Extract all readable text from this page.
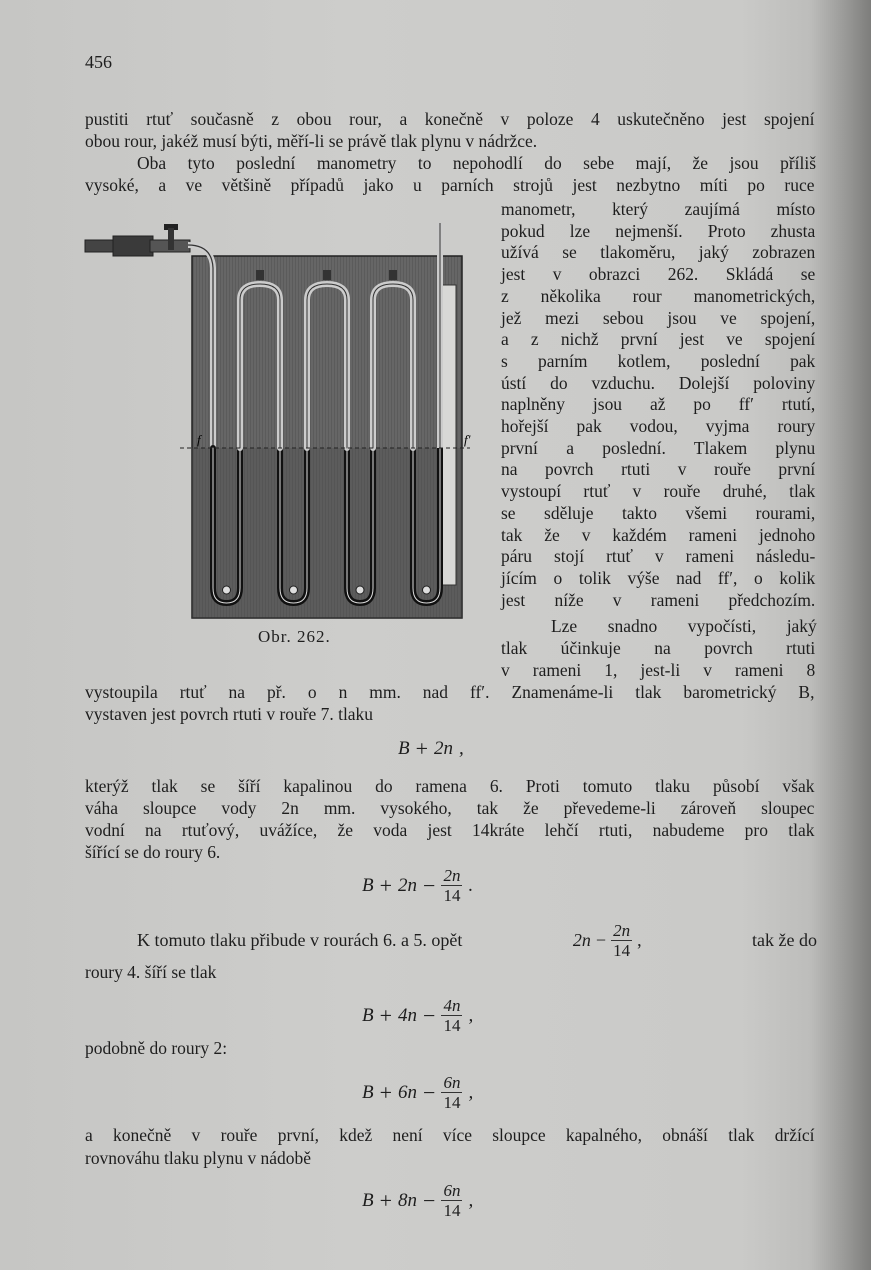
456
pustiti rtuť současně z obou rour, a konečně v poloze 4 uskutečněno jest spojení
obou rour, jakéž musí býti, měří-li se právě tlak plynu v nádržce.
Oba tyto poslední manometry to nepohodlí do sebe mají, že jsou příliš
vysoké, a ve většině případů jako u parních strojů jest nezbytno míti po ruce
manometr, který zaujímá místo
pokud lze nejmenší. Proto zhusta
užívá se tlakoměru, jaký zobrazen
jest v obrazci 262. Skládá se
z několika rour manometrických,
jež mezi sebou jsou ve spojení,
a z nichž první jest ve spojení
s parním kotlem, poslední pak
ústí do vzduchu. Dolejší poloviny
naplněny jsou až po ff′ rtutí,
hořejší pak vodou, vyjma roury
první a poslední. Tlakem plynu
na povrch rtuti v rouře první
vystoupí rtuť v rouře druhé, tlak
se sděluje takto všemi rourami,
tak že v každém rameni jednoho
páru stojí rtuť v rameni následu-
jícím o tolik výše nad ff′, o kolik
jest níže v rameni předchozím.
Lze snadno vypočísti, jaký
tlak účinkuje na povrch rtuti
v rameni 1, jest-li v rameni 8
vystoupila rtuť na př. o n mm. nad ff′. Znamenáme-li tlak barometrický B,
vystaven jest povrch rtuti v rouře 7. tlaku
f	f′
Obr. 262.
B + 2n ,
kterýž tlak se šíří kapalinou do ramena 6. Proti tomuto tlaku působí však
váha sloupce vody 2n mm. vysokého, tak že převedeme-li zároveň sloupec
vodní na rtuťový, uvážíce, že voda jest 14kráte lehčí rtuti, nabudeme pro tlak
šířící se do roury 6.
$B + 2n - \frac{2n}{14}$ .
K tomuto tlaku přibude v rourách 6. a 5. opět	$2n - \frac{2n}{14}$ ,	tak že do
roury 4. šíří se tlak
$B + 4n - \frac{4n}{14}$ ,
podobně do roury 2:
$B + 6n - \frac{6n}{14}$ ,
a konečně v rouře první, kdež není více sloupce kapalného, obnáší tlak držící
rovnováhu tlaku plynu v nádobě
$B + 8n - \frac{6n}{14}$ ,
